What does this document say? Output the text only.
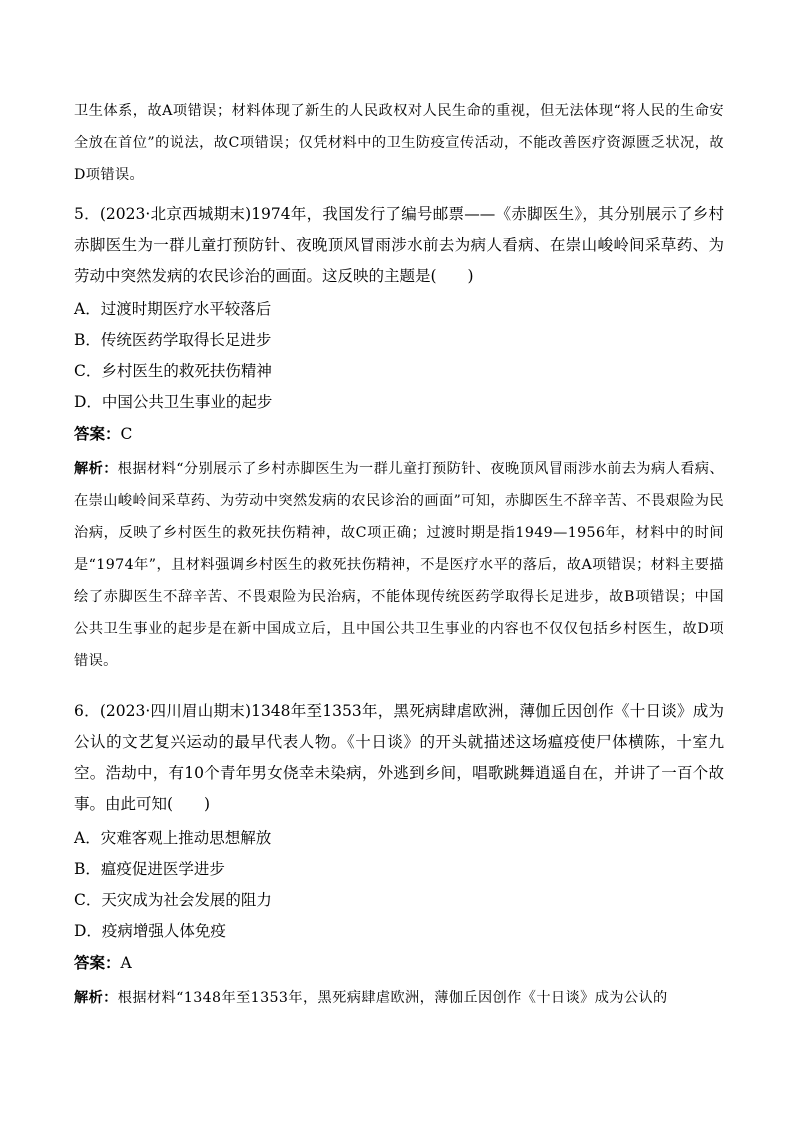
卫生体系，故A项错误；材料体现了新生的人民政权对人民生命的重视，但无法体现“将人民的生命安全放在首位”的说法，故C项错误；仅凭材料中的卫生防疫宣传活动，不能改善医疗资源匮乏状况，故D项错误。
5．(2023·北京西城期末)1974年，我国发行了编号邮票——《赤脚医生》，其分别展示了乡村赤脚医生为一群儿童打预防针、夜晚顶风冒雨涉水前去为病人看病、在崇山峻岭间采草药、为劳动中突然发病的农民诊治的画面。这反映的主题是(　　)
A．过渡时期医疗水平较落后
B．传统医药学取得长足进步
C．乡村医生的救死扶伤精神
D．中国公共卫生事业的起步
答案：C
解析：根据材料“分别展示了乡村赤脚医生为一群儿童打预防针、夜晚顶风冒雨涉水前去为病人看病、在崇山峻岭间采草药、为劳动中突然发病的农民诊治的画面”可知，赤脚医生不辞辛苦、不畏艰险为民治病，反映了乡村医生的救死扶伤精神，故C项正确；过渡时期是指1949—1956年，材料中的时间是“1974年”，且材料强调乡村医生的救死扶伤精神，不是医疗水平的落后，故A项错误；材料主要描绘了赤脚医生不辞辛苦、不畏艰险为民治病，不能体现传统医药学取得长足进步，故B项错误；中国公共卫生事业的起步是在新中国成立后，且中国公共卫生事业的内容也不仅仅包括乡村医生，故D项错误。
6．(2023·四川眉山期末)1348年至1353年，黑死病肆虐欧洲，薄伽丘因创作《十日谈》成为公认的文艺复兴运动的最早代表人物。《十日谈》的开头就描述这场瘟疫使尸体横陈，十室九空。浩劫中，有10个青年男女侥幸未染病，外逃到乡间，唱歌跳舞逍遥自在，并讲了一百个故事。由此可知(　　)
A．灾难客观上推动思想解放
B．瘟疫促进医学进步
C．天灾成为社会发展的阻力
D．疫病增强人体免疫
答案：A
解析：根据材料“1348年至1353年，黑死病肆虐欧洲，薄伽丘因创作《十日谈》成为公认的
